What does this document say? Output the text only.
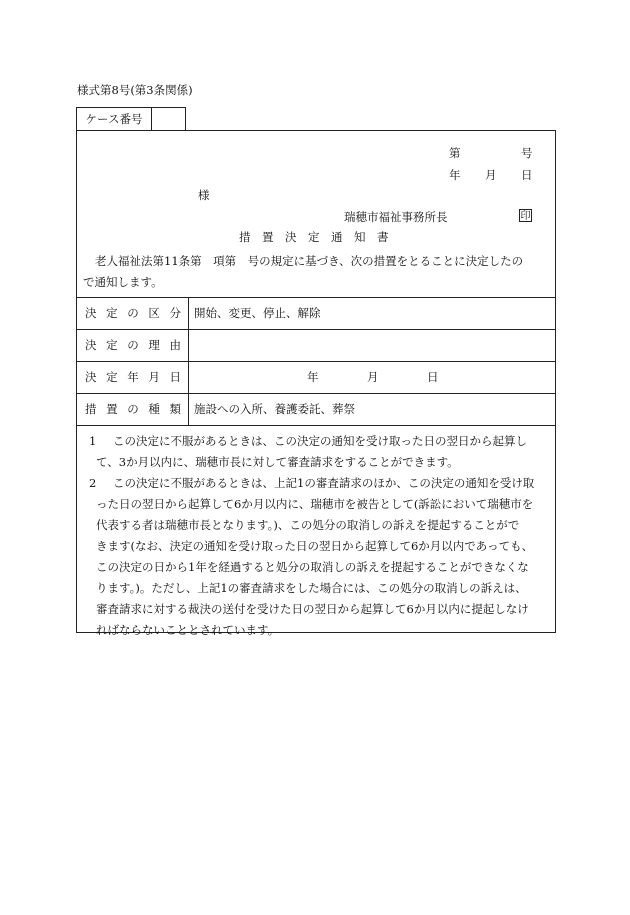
様式第8号(第3条関係)
ケース番号
第	号
年 月 日
様
瑞穂市福祉事務所長	印
措　置　決　定　通　知　書
老人福祉法第11条第　項第　号の規定に基づき、次の措置をとることに決定したの
で通知します。
決 定 の 区 分 開始、変更、停止、解除
決 定 の 理 由
決 定 年 月 日	年	月	日
措 置 の 種 類 施設への入所、養護委託、葬祭
1 この決定に不服があるときは、この決定の通知を受け取った日の翌日から起算し
て、3か月以内に、瑞穂市長に対して審査請求をすることができます。
2 この決定に不服があるときは、上記1の審査請求のほか、この決定の通知を受け取
った日の翌日から起算して6か月以内に、瑞穂市を被告として(訴訟において瑞穂市を
代表する者は瑞穂市長となります。)、この処分の取消しの訴えを提起することがで
きます(なお、決定の通知を受け取った日の翌日から起算して6か月以内であっても、
この決定の日から1年を経過すると処分の取消しの訴えを提起することができなくな
ります。)。ただし、上記1の審査請求をした場合には、この処分の取消しの訴えは、
審査請求に対する裁決の送付を受けた日の翌日から起算して6か月以内に提起しなけ
ればならないこととされています。
